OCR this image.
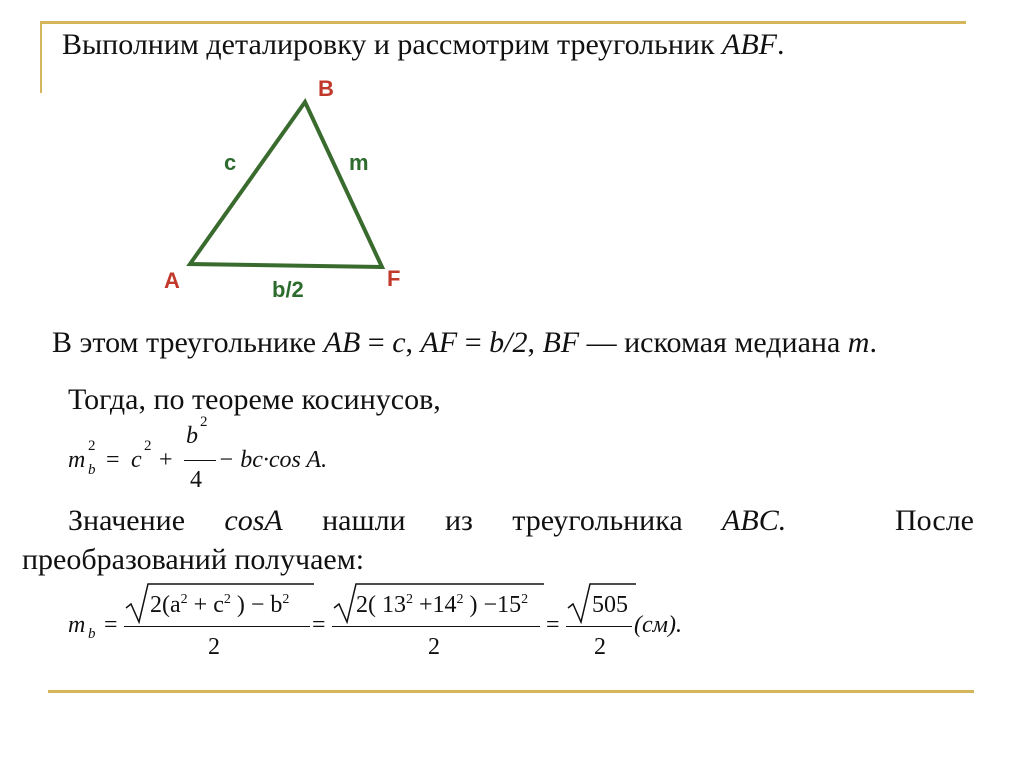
Выполним деталировку и рассмотрим треугольник ABF.
B
A	F
c	m
b/2
В этом треугольнике AB = c, AF = b/2, BF — искомая медиана m.
Тогда, по теореме косинусов,
m b
2
= c
2
+
b
2
4
− bc·cos A.
Значение cosA нашли из треугольника ABC.	После
преобразований получаем:
m b =
$2(a^2 + c^2$ ) − $b^2$
2
=
2( $13^2 +14^2$ ) $-15^2$
2
=
505
2
(см).
